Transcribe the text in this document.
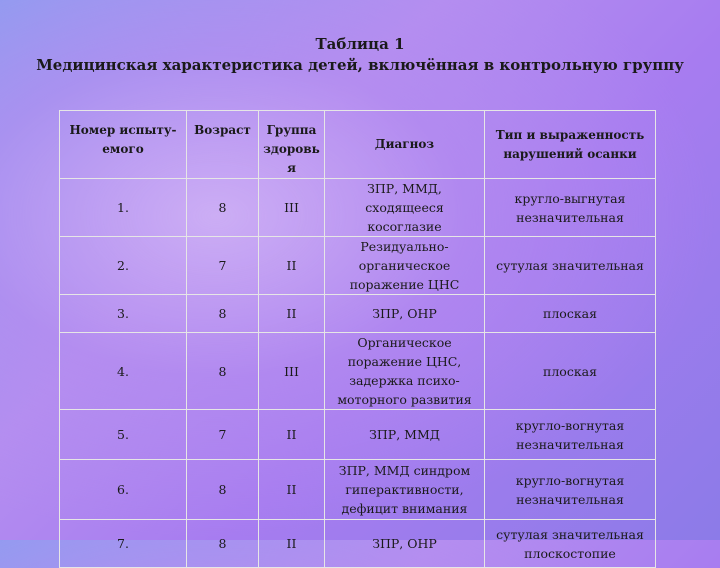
Таблица 1
Медицинская характеристика детей, включённая в контрольную группу
Номер испыту-емого	Возраст	Группа здоровья	Диагноз	Тип и выраженность нарушений осанки
1.	8	III	ЗПР, ММД, сходящееся косоглазие	кругло-выгнутая незначительная
2.	7	II	Резидуально-органическое поражение ЦНС	сутулая значительная
3.	8	II	ЗПР, ОНР	плоская
4.	8	III	Органическое поражение ЦНС, задержка психо-моторного развития	плоская
5.	7	II	ЗПР, ММД	кругло-вогнутая незначительная
6.	8	II	ЗПР, ММД синдром гиперактивности, дефицит внимания	кругло-вогнутая незначительная
7.	8	II	ЗПР, ОНР	сутулая значительная плоскостопие
